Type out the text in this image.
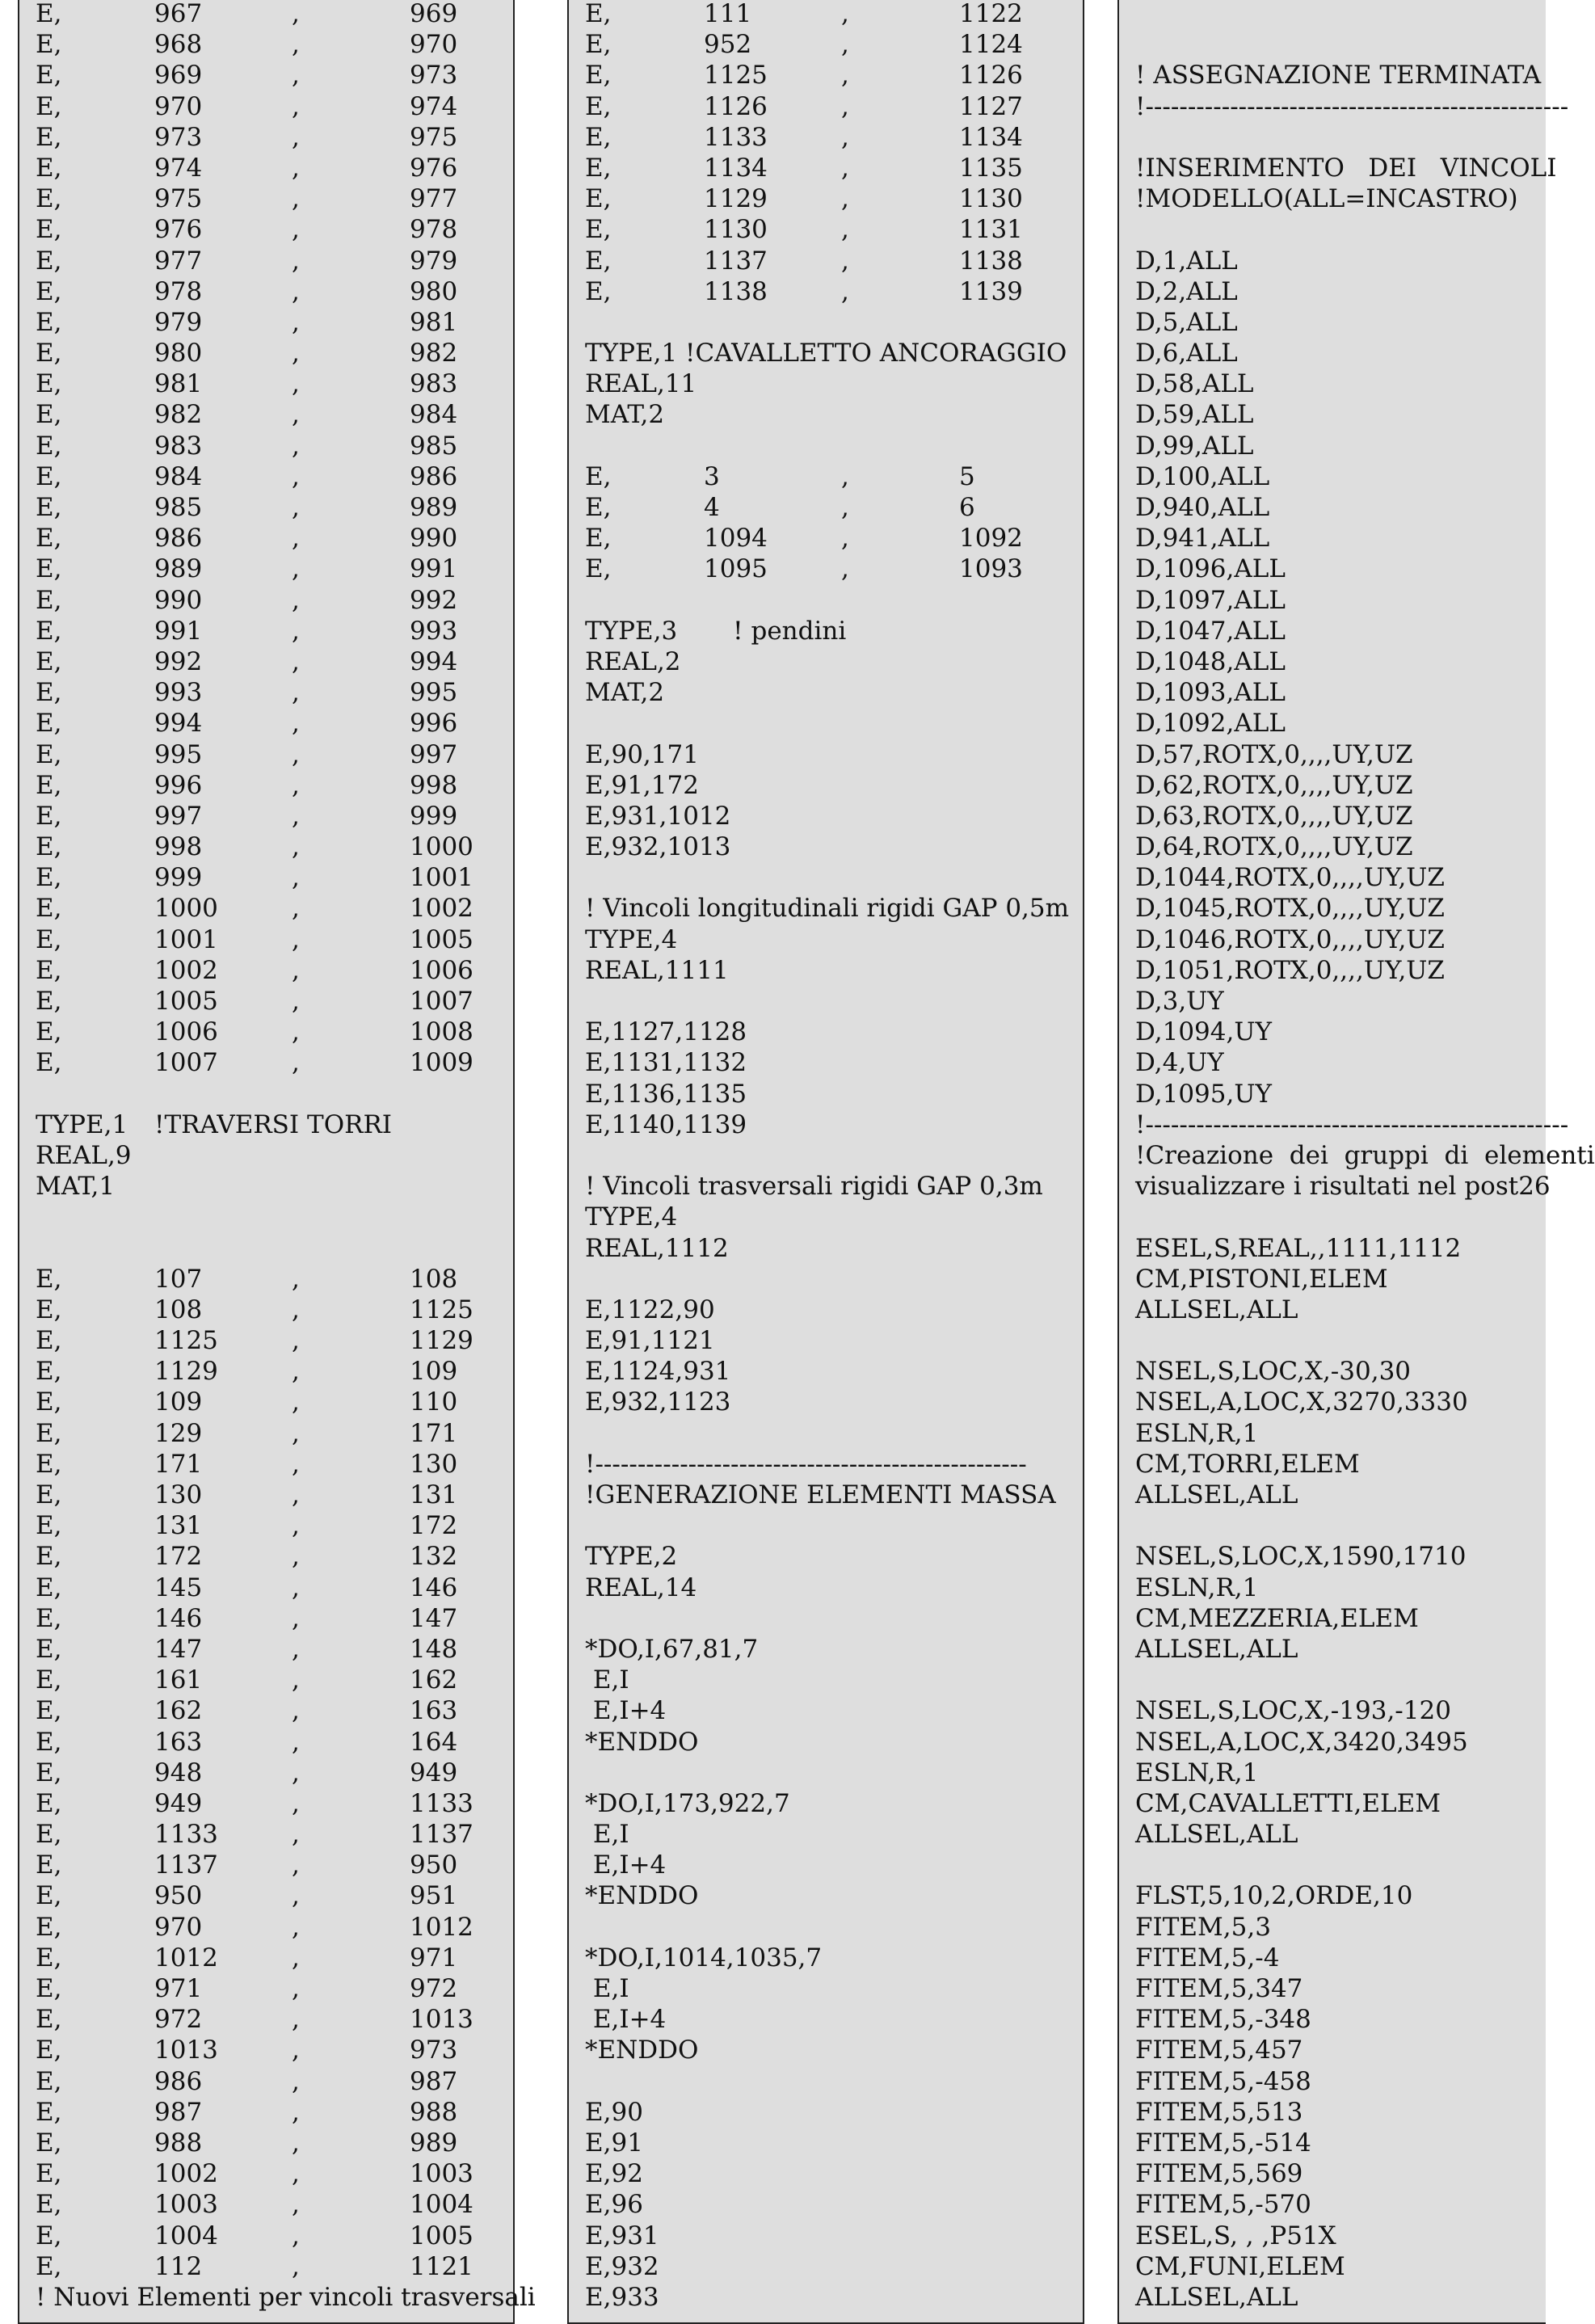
E,	967	,	969
E,	968	,	970
E,	969	,	973
E,	970	,	974
E,	973	,	975
E,	974	,	976
E,	975	,	977
E,	976	,	978
E,	977	,	979
E,	978	,	980
E,	979	,	981
E,	980	,	982
E,	981	,	983
E,	982	,	984
E,	983	,	985
E,	984	,	986
E,	985	,	989
E,	986	,	990
E,	989	,	991
E,	990	,	992
E,	991	,	993
E,	992	,	994
E,	993	,	995
E,	994	,	996
E,	995	,	997
E,	996	,	998
E,	997	,	999
E,	998	,	1000
E,	999	,	1001
E,	1000	,	1002
E,	1001	,	1005
E,	1002	,	1006
E,	1005	,	1007
E,	1006	,	1008
E,	1007	,	1009
TYPE,1 !TRAVERSI TORRI
REAL,9
MAT,1
E,	107	,	108
E,	108	,	1125
E,	1125	,	1129
E,	1129	,	109
E,	109	,	110
E,	129	,	171
E,	171	,	130
E,	130	,	131
E,	131	,	172
E,	172	,	132
E,	145	,	146
E,	146	,	147
E,	147	,	148
E,	161	,	162
E,	162	,	163
E,	163	,	164
E,	948	,	949
E,	949	,	1133
E,	1133	,	1137
E,	1137	,	950
E,	950	,	951
E,	970	,	1012
E,	1012	,	971
E,	971	,	972
E,	972	,	1013
E,	1013	,	973
E,	986	,	987
E,	987	,	988
E,	988	,	989
E,	1002	,	1003
E,	1003	,	1004
E,	1004	,	1005
E,	112	,	1121
! Nuovi Elementi per vincoli trasversali
E,	111	,	1122
E,	952	,	1124
E,	1125	,	1126
E,	1126	,	1127
E,	1133	,	1134
E,	1134	,	1135
E,	1129	,	1130
E,	1130	,	1131
E,	1137	,	1138
E,	1138	,	1139
TYPE,1 !CAVALLETTO ANCORAGGIO
REAL,11
MAT,2
E,	3	,	5
E,	4	,	6
E,	1094	,	1092
E,	1095	,	1093
TYPE,3       ! pendini
REAL,2
MAT,2
E,90,171
E,91,172
E,931,1012
E,932,1013
! Vincoli longitudinali rigidi GAP 0,5m
TYPE,4
REAL,1111
E,1127,1128
E,1131,1132
E,1136,1135
E,1140,1139
! Vincoli trasversali rigidi GAP 0,3m
TYPE,4
REAL,1112
E,1122,90
E,91,1121
E,1124,931
E,932,1123
!---------------------------------------------------
!GENERAZIONE ELEMENTI MASSA
TYPE,2
REAL,14
*DO,I,67,81,7
E,I
E,I+4
*ENDDO
*DO,I,173,922,7
E,I
E,I+4
*ENDDO
*DO,I,1014,1035,7
E,I
E,I+4
*ENDDO
E,90
E,91
E,92
E,96
E,931
E,932
E,933
! ASSEGNAZIONE TERMINATA
!--------------------------------------------------
!INSERIMENTO   DEI   VINCOLI
!MODELLO(ALL=INCASTRO)
D,1,ALL
D,2,ALL
D,5,ALL
D,6,ALL
D,58,ALL
D,59,ALL
D,99,ALL
D,100,ALL
D,940,ALL
D,941,ALL
D,1096,ALL
D,1097,ALL
D,1047,ALL
D,1048,ALL
D,1093,ALL
D,1092,ALL
D,57,ROTX,0,,,,UY,UZ
D,62,ROTX,0,,,,UY,UZ
D,63,ROTX,0,,,,UY,UZ
D,64,ROTX,0,,,,UY,UZ
D,1044,ROTX,0,,,,UY,UZ
D,1045,ROTX,0,,,,UY,UZ
D,1046,ROTX,0,,,,UY,UZ
D,1051,ROTX,0,,,,UY,UZ
D,3,UY
D,1094,UY
D,4,UY
D,1095,UY
!--------------------------------------------------
!Creazione  dei  gruppi  di  elementi
visualizzare i risultati nel post26
ESEL,S,REAL,,1111,1112
CM,PISTONI,ELEM
ALLSEL,ALL
NSEL,S,LOC,X,-30,30
NSEL,A,LOC,X,3270,3330
ESLN,R,1
CM,TORRI,ELEM
ALLSEL,ALL
NSEL,S,LOC,X,1590,1710
ESLN,R,1
CM,MEZZERIA,ELEM
ALLSEL,ALL
NSEL,S,LOC,X,-193,-120
NSEL,A,LOC,X,3420,3495
ESLN,R,1
CM,CAVALLETTI,ELEM
ALLSEL,ALL
FLST,5,10,2,ORDE,10
FITEM,5,3
FITEM,5,-4
FITEM,5,347
FITEM,5,-348
FITEM,5,457
FITEM,5,-458
FITEM,5,513
FITEM,5,-514
FITEM,5,569
FITEM,5,-570
ESEL,S, , ,P51X
CM,FUNI,ELEM
ALLSEL,ALL
